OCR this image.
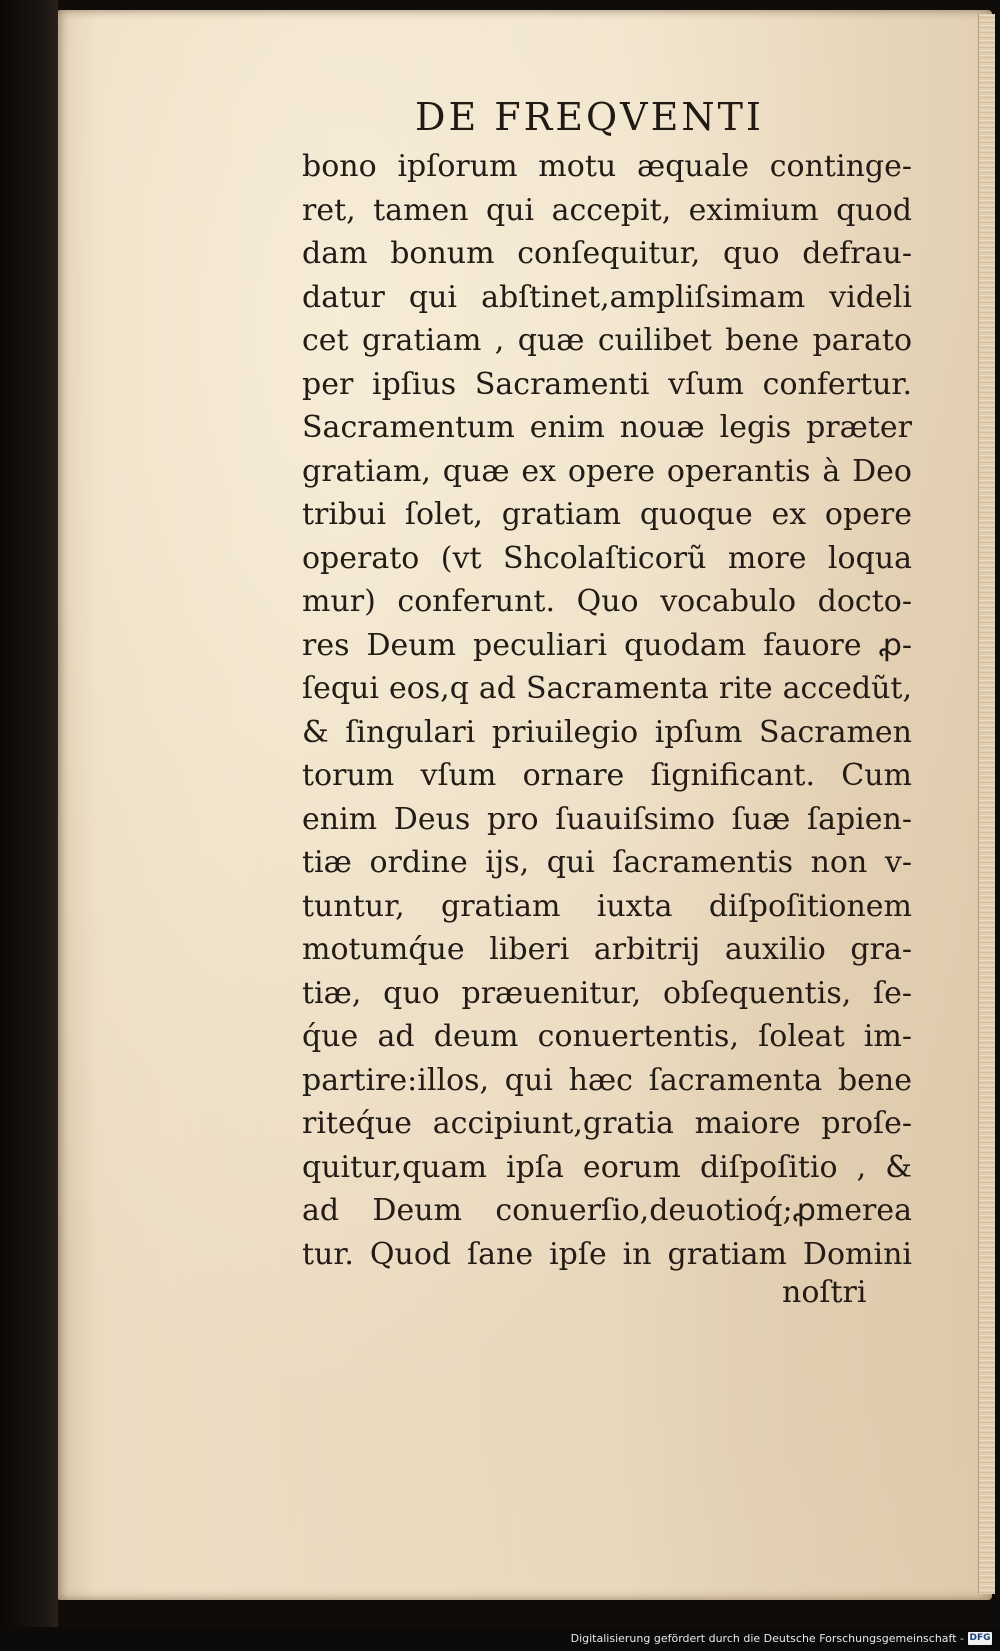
DE FREQVENTI
bono ipſorum motu æquale continge-
ret, tamen qui accepit, eximium quod
dam bonum conſequitur, quo defrau-
datur qui abſtinet,ampliſsimam videli
cet gratiam , quæ cuilibet bene parato
per ipſius Sacramenti vſum confertur.
Sacramentum enim nouæ legis præter
gratiam, quæ ex opere operantis à Deo
tribui ſolet, gratiam quoque ex opere
operato (vt Shcolaſticorũ more loqua
mur) conferunt. Quo vocabulo docto-
res Deum peculiari quodam fauore ꝓ-
ſequi eos,q ad Sacramenta rite accedũt,
& ſingulari priuilegio ipſum Sacramen
torum vſum ornare ſignificant. Cum
enim Deus pro ſuauiſsimo ſuæ ſapien-
tiæ ordine ijs, qui ſacramentis non v-
tuntur, gratiam iuxta diſpoſitionem
motumq́ue liberi arbitrij auxilio gra-
tiæ, quo præuenitur, obſequentis, ſe-
q́ue ad deum conuertentis, ſoleat im-
partire:illos, qui hæc ſacramenta bene
riteq́ue accipiunt,gratia maiore proſe-
quitur,quam ipſa eorum diſpoſitio , &
ad Deum conuerſio,deuotioq́;ꝓmerea
tur. Quod ſane ipſe in gratiam Domini
noſtri
Digitalisierung gefördert durch die Deutsche Forschungsgemeinschaft - DFG
